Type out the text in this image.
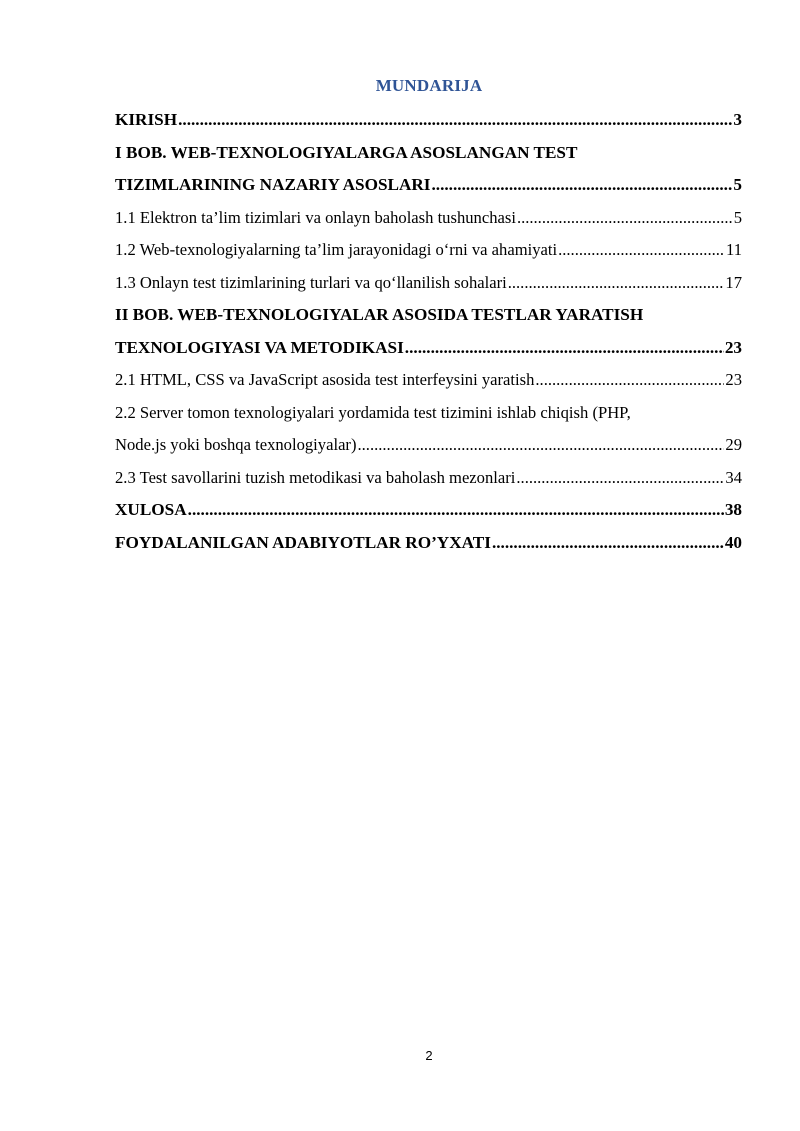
MUNDARIJA
KIRISH .....	3
I BOB. WEB-TEXNOLOGIYALARGA ASOSLANGAN TEST
TIZIMLARINING NAZARIY ASOSLARI .....	5
1.1 Elektron ta’lim tizimlari va onlayn baholash tushunchasi .....	5
1.2 Web-texnologiyalarning ta’lim jarayonidagi o‘rni va ahamiyati .....	11
1.3 Onlayn test tizimlarining turlari va qo‘llanilish sohalari .....	17
II BOB. WEB-TEXNOLOGIYALAR ASOSIDA TESTLAR YARATISH
TEXNOLOGIYASI VA METODIKASI .....	23
2.1 HTML, CSS va JavaScript asosida test interfeysini yaratish .....	23
2.2 Server tomon texnologiyalari yordamida test tizimini ishlab chiqish (PHP,
Node.js yoki boshqa texnologiyalar) .....	29
2.3 Test savollarini tuzish metodikasi va baholash mezonlari .....	34
XULOSA .....	38
FOYDALANILGAN ADABIYOTLAR RO’YXATI .....	40
2
